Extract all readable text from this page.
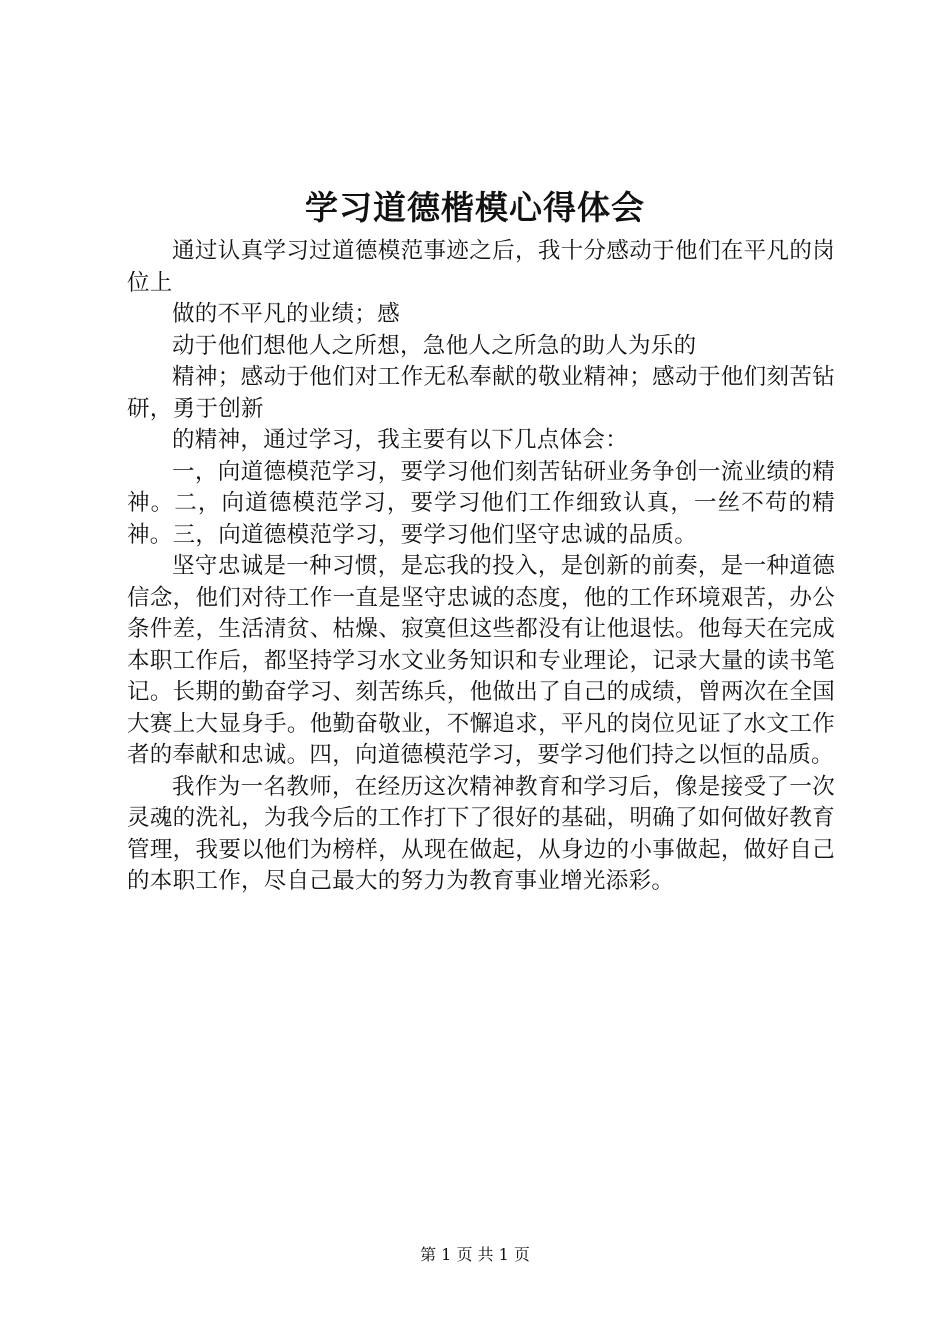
学习道德楷模心得体会

通过认真学习过道德模范事迹之后，我十分感动于他们在平凡的岗位上

做的不平凡的业绩；感

动于他们想他人之所想，急他人之所急的助人为乐的

精神；感动于他们对工作无私奉献的敬业精神；感动于他们刻苦钻研，勇于创新

的精神，通过学习，我主要有以下几点体会：

一，向道德模范学习，要学习他们刻苦钻研业务争创一流业绩的精神。二，向道德模范学习，要学习他们工作细致认真，一丝不苟的精神。三，向道德模范学习，要学习他们坚守忠诚的品质。

坚守忠诚是一种习惯，是忘我的投入，是创新的前奏，是一种道德信念，他们对待工作一直是坚守忠诚的态度，他的工作环境艰苦，办公条件差，生活清贫、枯燥、寂寞但这些都没有让他退怯。他每天在完成本职工作后，都坚持学习水文业务知识和专业理论，记录大量的读书笔记。长期的勤奋学习、刻苦练兵，他做出了自己的成绩，曾两次在全国大赛上大显身手。他勤奋敬业，不懈追求，平凡的岗位见证了水文工作者的奉献和忠诚。四，向道德模范学习，要学习他们持之以恒的品质。

我作为一名教师，在经历这次精神教育和学习后，像是接受了一次灵魂的洗礼，为我今后的工作打下了很好的基础，明确了如何做好教育管理，我要以他们为榜样，从现在做起，从身边的小事做起，做好自己的本职工作，尽自己最大的努力为教育事业增光添彩。

第 1 页 共 1 页
